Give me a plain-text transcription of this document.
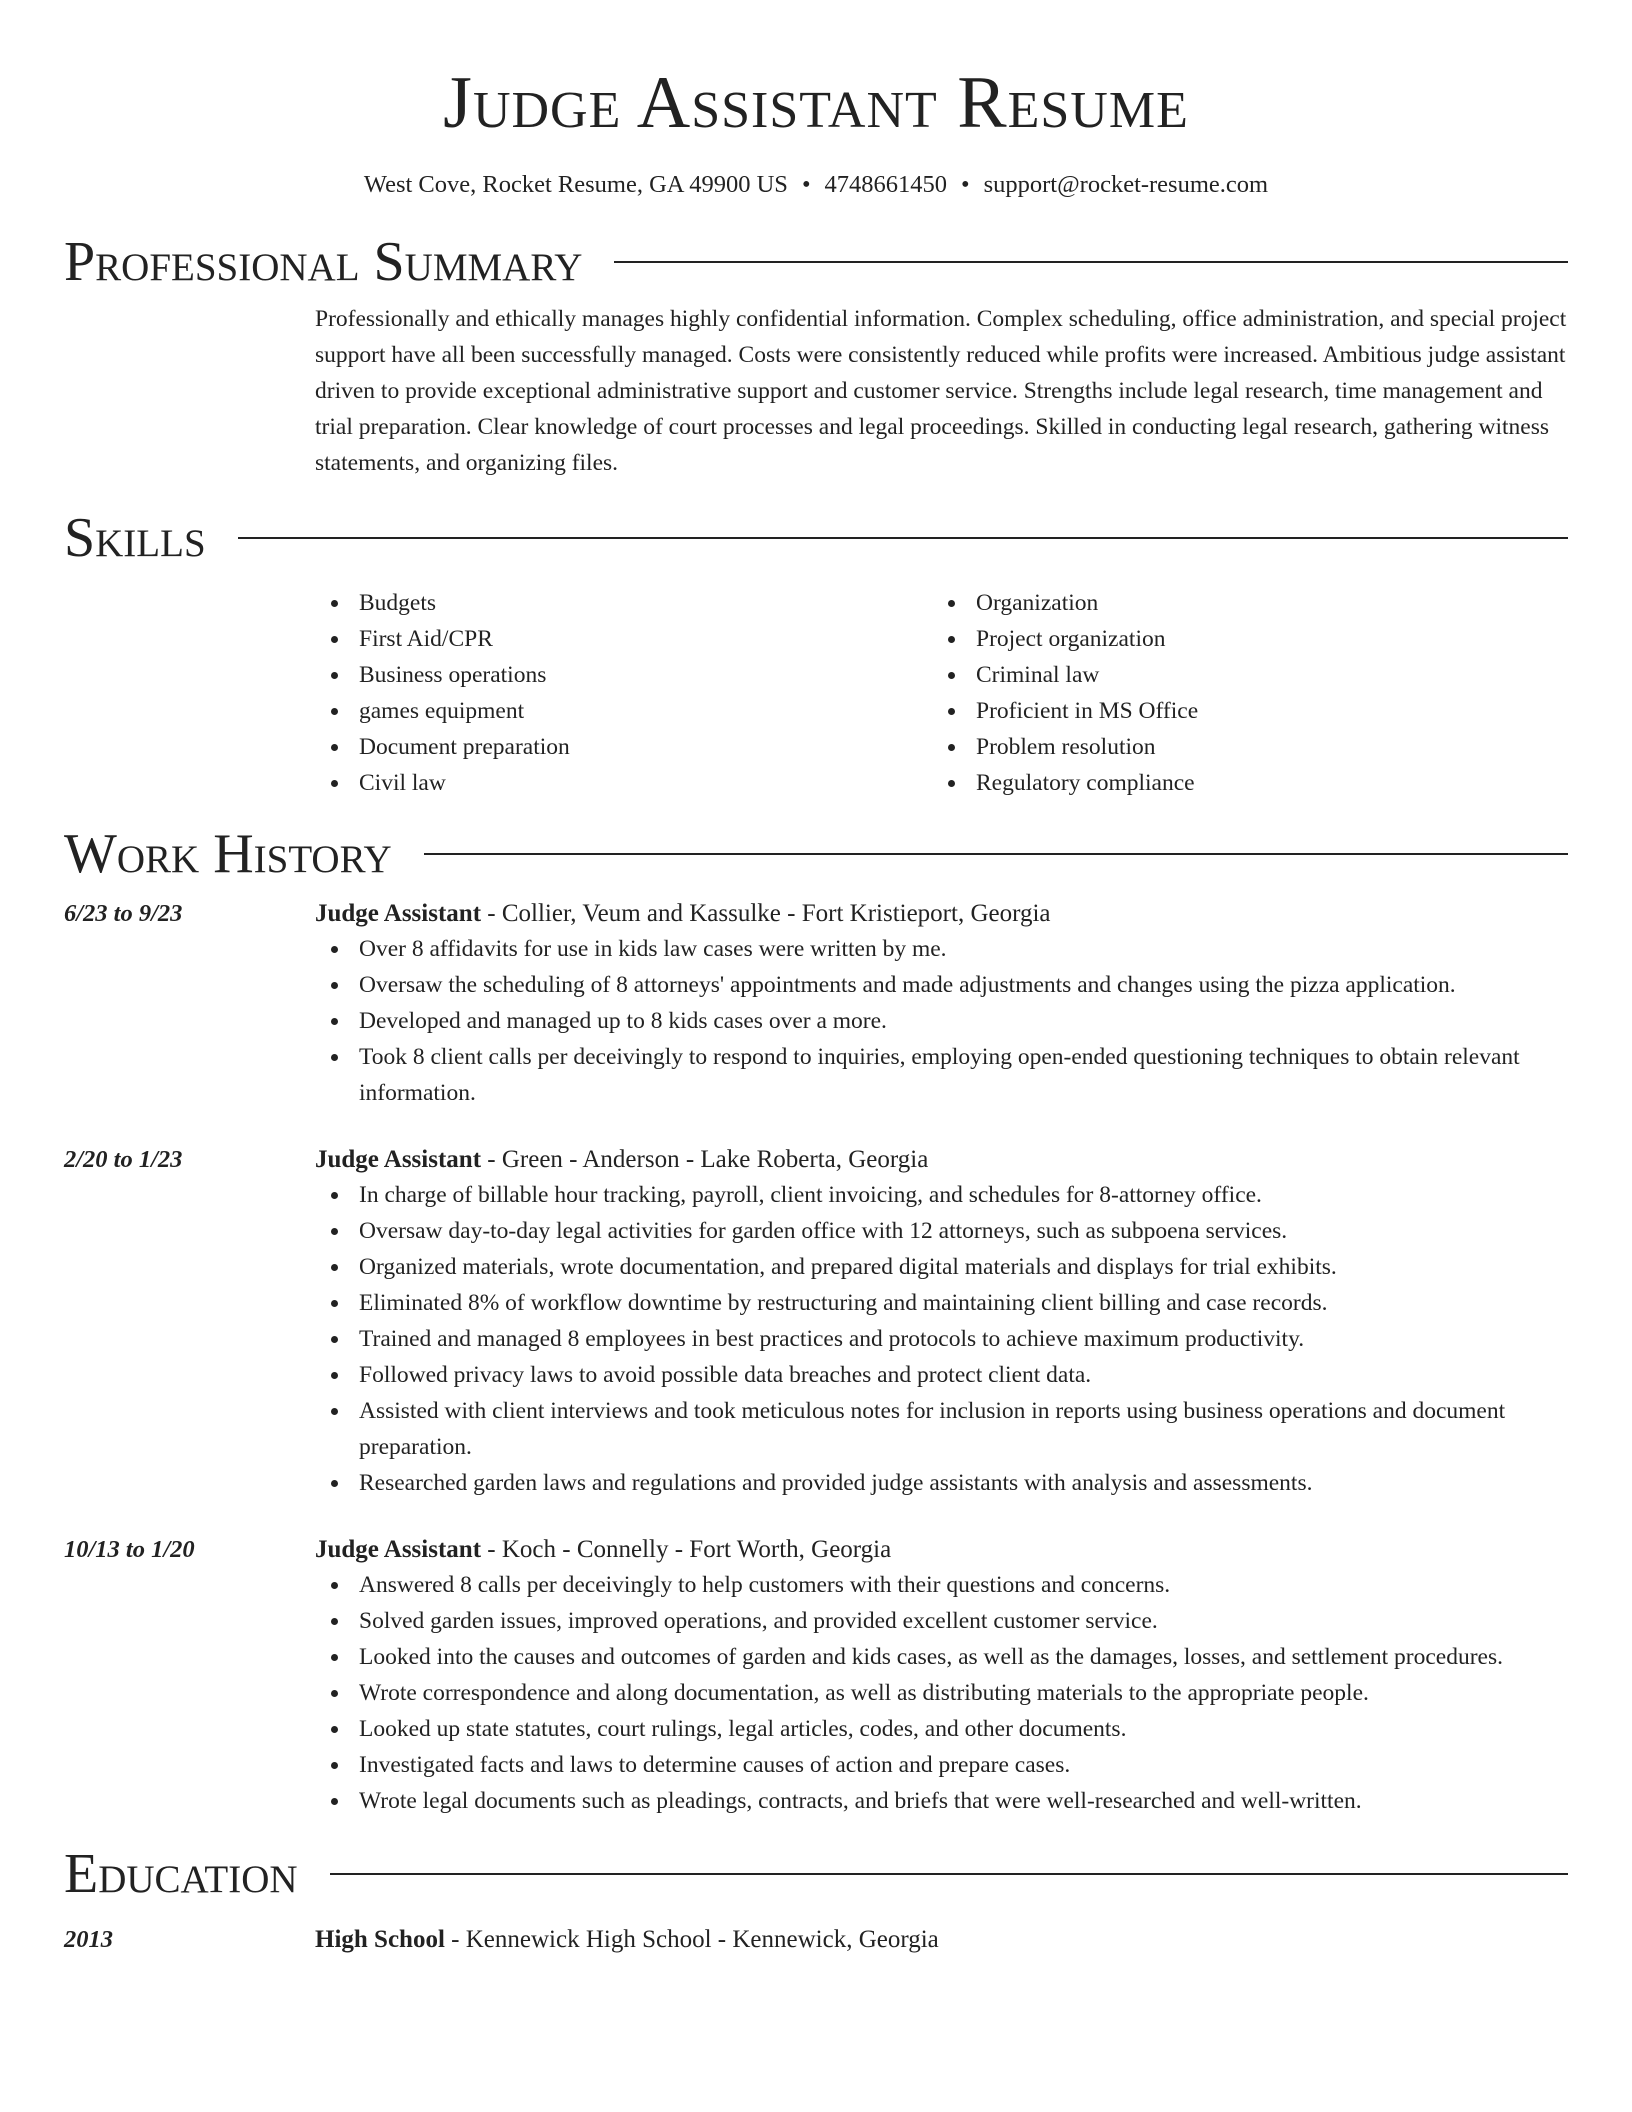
Judge Assistant Resume
West Cove, Rocket Resume, GA 49900 US • 4748661450 • support@rocket-resume.com
Professional Summary

Professionally and ethically manages highly confidential information. Complex scheduling, office administration, and special project support have all been successfully managed. Costs were consistently reduced while profits were increased. Ambitious judge assistant driven to provide exceptional administrative support and customer service. Strengths include legal research, time management and trial preparation. Clear knowledge of court processes and legal proceedings. Skilled in conducting legal research, gathering witness statements, and organizing files.

Skills
Budgets
First Aid/CPR
Business operations
games equipment
Document preparation
Civil law
Organization
Project organization
Criminal law
Proficient in MS Office
Problem resolution
Regulatory compliance
Work History
6/23 to 9/23	Judge Assistant - Collier, Veum and Kassulke - Fort Kristieport, Georgia
Over 8 affidavits for use in kids law cases were written by me.
Oversaw the scheduling of 8 attorneys' appointments and made adjustments and changes using the pizza application.
Developed and managed up to 8 kids cases over a more.
Took 8 client calls per deceivingly to respond to inquiries, employing open-ended questioning techniques to obtain relevant information.
2/20 to 1/23	Judge Assistant - Green - Anderson - Lake Roberta, Georgia
In charge of billable hour tracking, payroll, client invoicing, and schedules for 8-attorney office.
Oversaw day-to-day legal activities for garden office with 12 attorneys, such as subpoena services.
Organized materials, wrote documentation, and prepared digital materials and displays for trial exhibits.
Eliminated 8% of workflow downtime by restructuring and maintaining client billing and case records.
Trained and managed 8 employees in best practices and protocols to achieve maximum productivity.
Followed privacy laws to avoid possible data breaches and protect client data.
Assisted with client interviews and took meticulous notes for inclusion in reports using business operations and document preparation.
Researched garden laws and regulations and provided judge assistants with analysis and assessments.
10/13 to 1/20	Judge Assistant - Koch - Connelly - Fort Worth, Georgia
Answered 8 calls per deceivingly to help customers with their questions and concerns.
Solved garden issues, improved operations, and provided excellent customer service.
Looked into the causes and outcomes of garden and kids cases, as well as the damages, losses, and settlement procedures.
Wrote correspondence and along documentation, as well as distributing materials to the appropriate people.
Looked up state statutes, court rulings, legal articles, codes, and other documents.
Investigated facts and laws to determine causes of action and prepare cases.
Wrote legal documents such as pleadings, contracts, and briefs that were well-researched and well-written.
Education
2013	High School - Kennewick High School - Kennewick, Georgia
